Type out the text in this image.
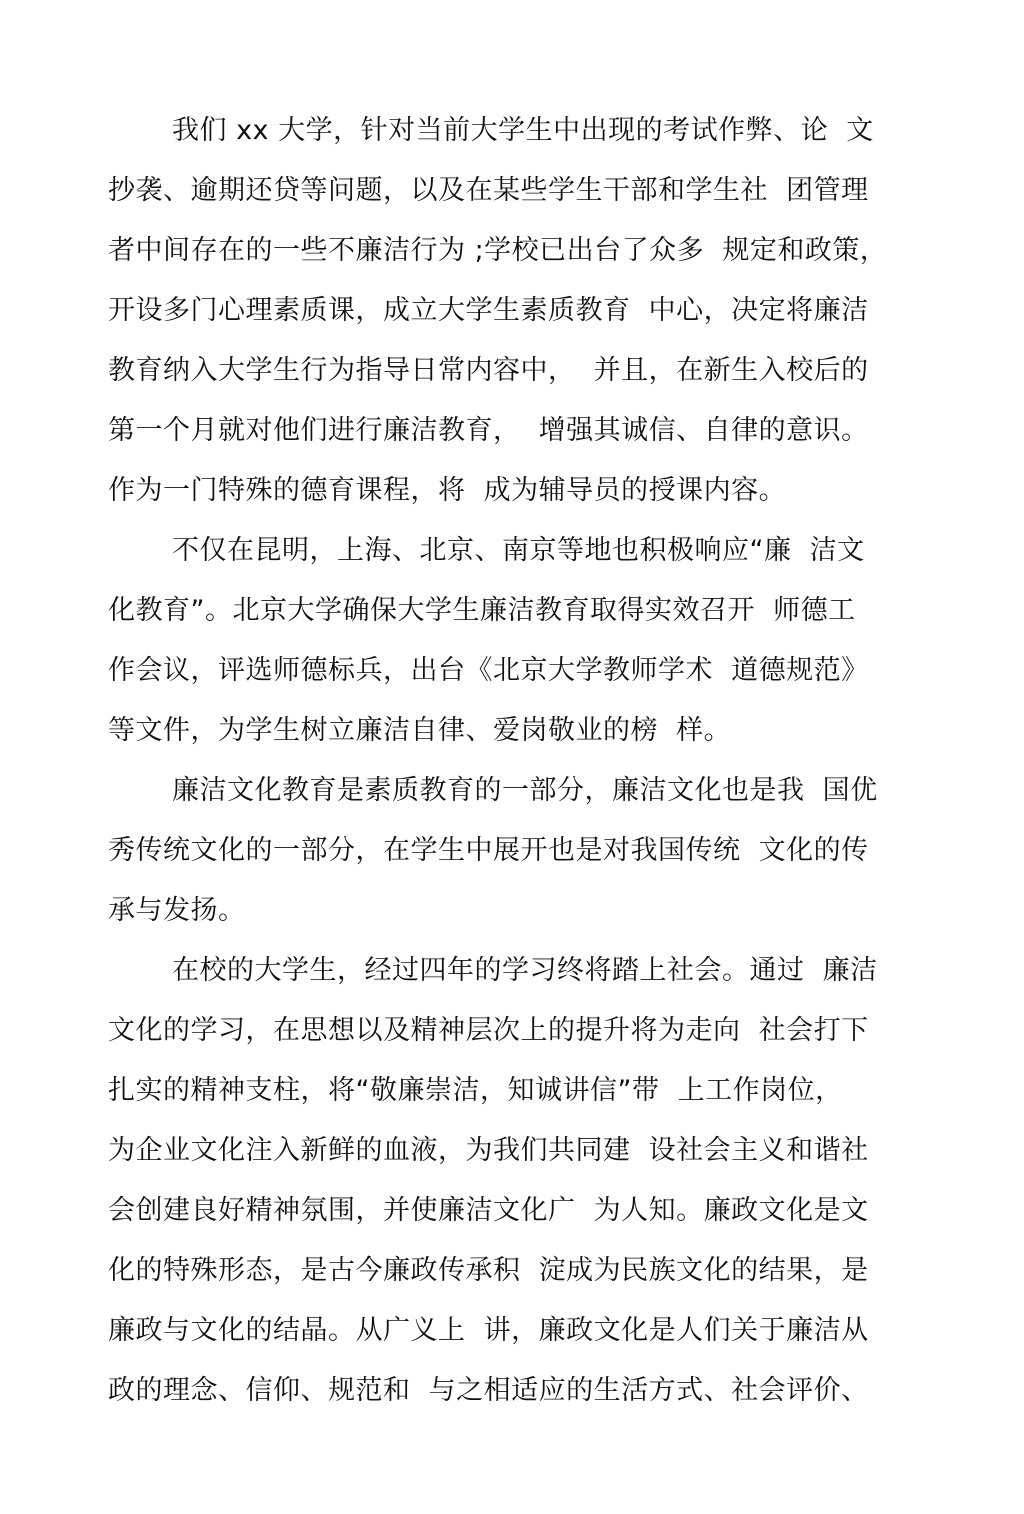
我们 xx 大学，针对当前大学生中出现的考试作弊、论  文
抄袭、逾期还贷等问题，以及在某些学生干部和学生社  团管理
者中间存在的一些不廉洁行为 ;学校已出台了众多  规定和政策，
开设多门心理素质课，成立大学生素质教育  中心，决定将廉洁
教育纳入大学生行为指导日常内容中，  并且，在新生入校后的
第一个月就对他们进行廉洁教育，  增强其诚信、自律的意识。
作为一门特殊的德育课程，将  成为辅导员的授课内容。
不仅在昆明，上海、北京、南京等地也积极响应“廉  洁文
化教育”。北京大学确保大学生廉洁教育取得实效召开  师德工
作会议，评选师德标兵，出台《北京大学教师学术  道德规范》
等文件，为学生树立廉洁自律、爱岗敬业的榜  样。
廉洁文化教育是素质教育的一部分，廉洁文化也是我  国优
秀传统文化的一部分，在学生中展开也是对我国传统  文化的传
承与发扬。
在校的大学生，经过四年的学习终将踏上社会。通过  廉洁
文化的学习，在思想以及精神层次上的提升将为走向  社会打下
扎实的精神支柱，将“敬廉崇洁，知诚讲信”带  上工作岗位，
为企业文化注入新鲜的血液，为我们共同建  设社会主义和谐社
会创建良好精神氛围，并使廉洁文化广  为人知。廉政文化是文
化的特殊形态，是古今廉政传承积  淀成为民族文化的结果，是
廉政与文化的结晶。从广义上  讲，廉政文化是人们关于廉洁从
政的理念、信仰、规范和  与之相适应的生活方式、社会评价、
